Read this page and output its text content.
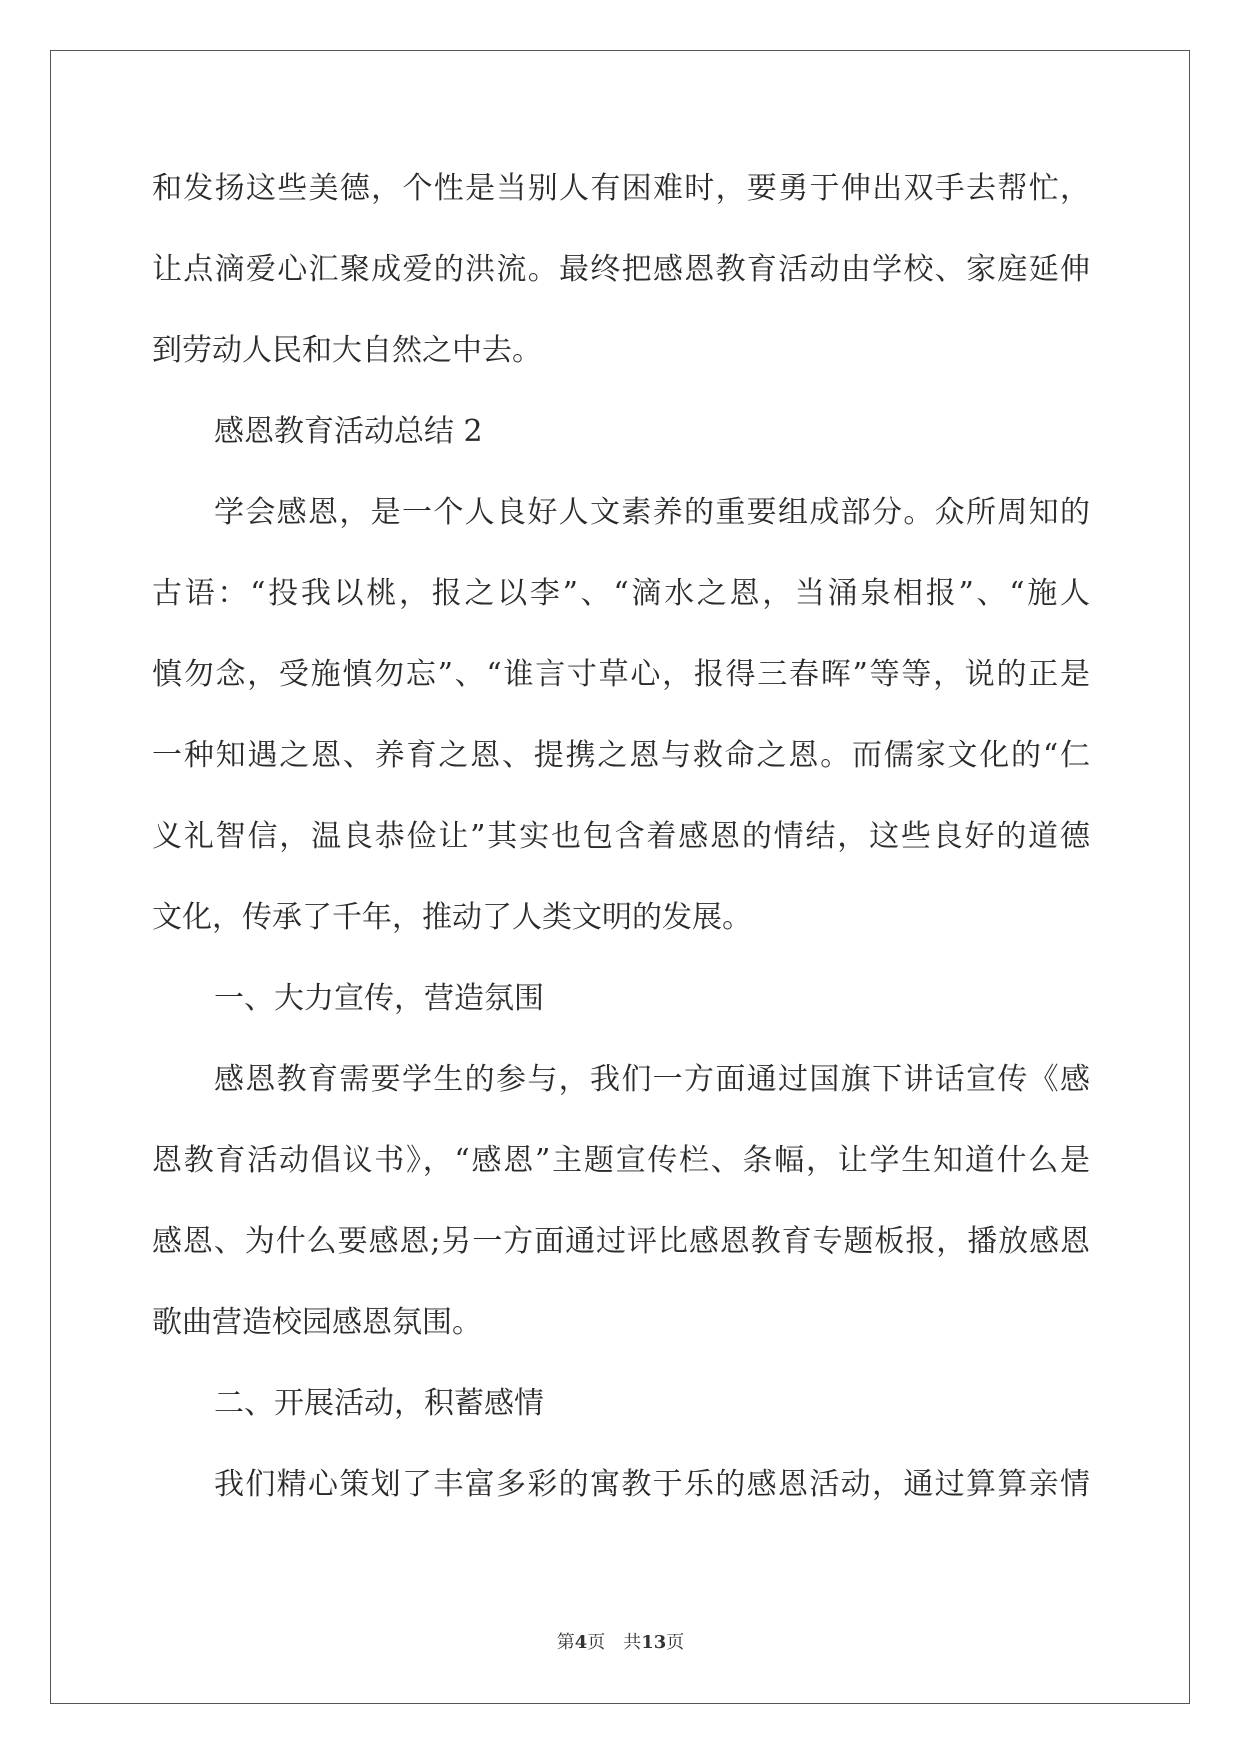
和发扬这些美德，个性是当别人有困难时，要勇于伸出双手去帮忙，
让点滴爱心汇聚成爱的洪流。最终把感恩教育活动由学校、家庭延伸
到劳动人民和大自然之中去。
感恩教育活动总结 2
学会感恩，是一个人良好人文素养的重要组成部分。众所周知的
古语：“投我以桃，报之以李”、“滴水之恩，当涌泉相报”、“施人
慎勿念，受施慎勿忘”、“谁言寸草心，报得三春晖”等等，说的正是
一种知遇之恩、养育之恩、提携之恩与救命之恩。而儒家文化的“仁
义礼智信，温良恭俭让”其实也包含着感恩的情结，这些良好的道德
文化，传承了千年，推动了人类文明的发展。
一、大力宣传，营造氛围
感恩教育需要学生的参与，我们一方面通过国旗下讲话宣传《感
恩教育活动倡议书》，“感恩”主题宣传栏、条幅，让学生知道什么是
感恩、为什么要感恩;另一方面通过评比感恩教育专题板报，播放感恩
歌曲营造校园感恩氛围。
二、开展活动，积蓄感情
我们精心策划了丰富多彩的寓教于乐的感恩活动，通过算算亲情
第4页 共13页
